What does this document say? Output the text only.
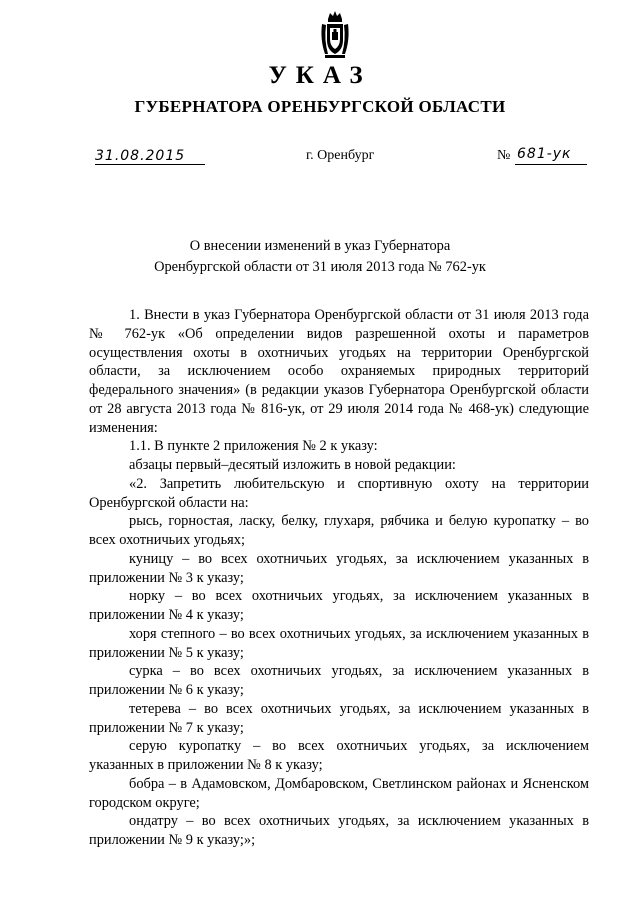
УКАЗ
ГУБЕРНАТОРА ОРЕНБУРГСКОЙ ОБЛАСТИ
31.08.2015	г. Оренбург	№ 681-ук
О внесении изменений в указ Губернатора
Оренбургской области от 31 июля 2013 года № 762-ук

1. Внести в указ Губернатора Оренбургской области от 31 июля 2013 года № 762-ук «Об определении видов разрешенной охоты и параметров осуществления охоты в охотничьих угодьях на территории Оренбургской области, за исключением особо охраняемых природных территорий федерального значения» (в редакции указов Губернатора Оренбургской области от 28 августа 2013 года № 816-ук, от 29 июля 2014 года № 468-ук) следующие изменения:

1.1. В пункте 2 приложения № 2 к указу:

абзацы первый–десятый изложить в новой редакции:

«2. Запретить любительскую и спортивную охоту на территории Оренбургской области на:

рысь, горностая, ласку, белку, глухаря, рябчика и белую куропатку – во всех охотничьих угодьях;

куницу – во всех охотничьих угодьях, за исключением указанных в приложении № 3 к указу;

норку – во всех охотничьих угодьях, за исключением указанных в приложении № 4 к указу;

хоря степного – во всех охотничьих угодьях, за исключением указанных в приложении № 5 к указу;

сурка – во всех охотничьих угодьях, за исключением указанных в приложении № 6 к указу;

тетерева – во всех охотничьих угодьях, за исключением указанных в приложении № 7 к указу;

серую куропатку – во всех охотничьих угодьях, за исключением указанных в приложении № 8 к указу;

бобра – в Адамовском, Домбаровском, Светлинском районах и Ясненском городском округе;

ондатру – во всех охотничьих угодьях, за исключением указанных в приложении № 9 к указу;»;
